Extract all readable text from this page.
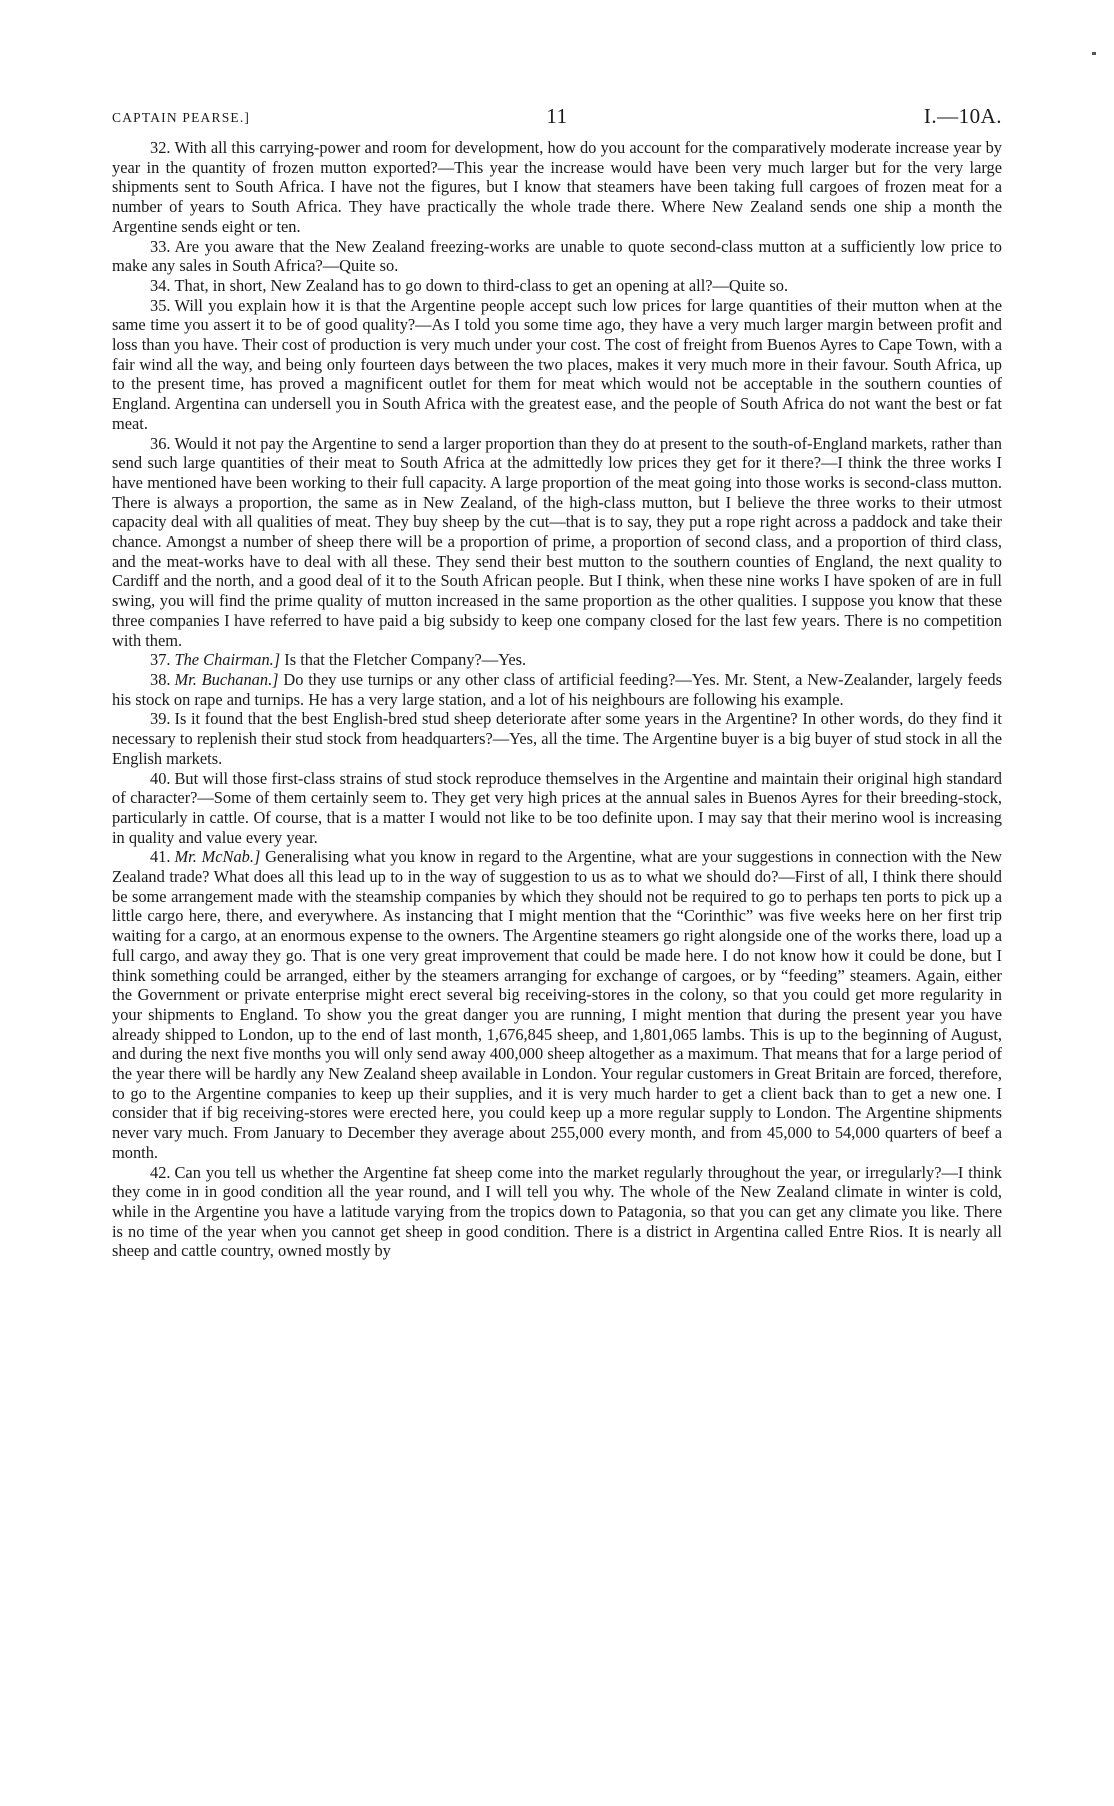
CAPTAIN PEARSE.]	11	I.—10A.

32. With all this carrying-power and room for development, how do you account for the comparatively moderate increase year by year in the quantity of frozen mutton exported?—This year the increase would have been very much larger but for the very large shipments sent to South Africa. I have not the figures, but I know that steamers have been taking full cargoes of frozen meat for a number of years to South Africa. They have practically the whole trade there. Where New Zealand sends one ship a month the Argentine sends eight or ten.

33. Are you aware that the New Zealand freezing-works are unable to quote second-class mutton at a sufficiently low price to make any sales in South Africa?—Quite so.

34. That, in short, New Zealand has to go down to third-class to get an opening at all?—Quite so.

35. Will you explain how it is that the Argentine people accept such low prices for large quantities of their mutton when at the same time you assert it to be of good quality?—As I told you some time ago, they have a very much larger margin between profit and loss than you have. Their cost of production is very much under your cost. The cost of freight from Buenos Ayres to Cape Town, with a fair wind all the way, and being only fourteen days between the two places, makes it very much more in their favour. South Africa, up to the present time, has proved a magnificent outlet for them for meat which would not be acceptable in the southern counties of England. Argentina can undersell you in South Africa with the greatest ease, and the people of South Africa do not want the best or fat meat.

36. Would it not pay the Argentine to send a larger proportion than they do at present to the south-of-England markets, rather than send such large quantities of their meat to South Africa at the admittedly low prices they get for it there?—I think the three works I have mentioned have been working to their full capacity. A large proportion of the meat going into those works is second-class mutton. There is always a proportion, the same as in New Zealand, of the high-class mutton, but I believe the three works to their utmost capacity deal with all qualities of meat. They buy sheep by the cut—that is to say, they put a rope right across a paddock and take their chance. Amongst a number of sheep there will be a proportion of prime, a proportion of second class, and a proportion of third class, and the meat-works have to deal with all these. They send their best mutton to the southern counties of England, the next quality to Cardiff and the north, and a good deal of it to the South African people. But I think, when these nine works I have spoken of are in full swing, you will find the prime quality of mutton increased in the same proportion as the other qualities. I suppose you know that these three companies I have referred to have paid a big subsidy to keep one company closed for the last few years. There is no competition with them.

37. The Chairman.] Is that the Fletcher Company?—Yes.

38. Mr. Buchanan.] Do they use turnips or any other class of artificial feeding?—Yes. Mr. Stent, a New-Zealander, largely feeds his stock on rape and turnips. He has a very large station, and a lot of his neighbours are following his example.

39. Is it found that the best English-bred stud sheep deteriorate after some years in the Argentine? In other words, do they find it necessary to replenish their stud stock from headquarters?—Yes, all the time. The Argentine buyer is a big buyer of stud stock in all the English markets.

40. But will those first-class strains of stud stock reproduce themselves in the Argentine and maintain their original high standard of character?—Some of them certainly seem to. They get very high prices at the annual sales in Buenos Ayres for their breeding-stock, particularly in cattle. Of course, that is a matter I would not like to be too definite upon. I may say that their merino wool is increasing in quality and value every year.

41. Mr. McNab.] Generalising what you know in regard to the Argentine, what are your suggestions in connection with the New Zealand trade? What does all this lead up to in the way of suggestion to us as to what we should do?—First of all, I think there should be some arrangement made with the steamship companies by which they should not be required to go to perhaps ten ports to pick up a little cargo here, there, and everywhere. As instancing that I might mention that the “Corinthic” was five weeks here on her first trip waiting for a cargo, at an enormous expense to the owners. The Argentine steamers go right alongside one of the works there, load up a full cargo, and away they go. That is one very great improvement that could be made here. I do not know how it could be done, but I think something could be arranged, either by the steamers arranging for exchange of cargoes, or by “feeding” steamers. Again, either the Government or private enterprise might erect several big receiving-stores in the colony, so that you could get more regularity in your shipments to England. To show you the great danger you are running, I might mention that during the present year you have already shipped to London, up to the end of last month, 1,676,845 sheep, and 1,801,065 lambs. This is up to the beginning of August, and during the next five months you will only send away 400,000 sheep altogether as a maximum. That means that for a large period of the year there will be hardly any New Zealand sheep available in London. Your regular customers in Great Britain are forced, therefore, to go to the Argentine companies to keep up their supplies, and it is very much harder to get a client back than to get a new one. I consider that if big receiving-stores were erected here, you could keep up a more regular supply to London. The Argentine shipments never vary much. From January to December they average about 255,000 every month, and from 45,000 to 54,000 quarters of beef a month.

42. Can you tell us whether the Argentine fat sheep come into the market regularly throughout the year, or irregularly?—I think they come in in good condition all the year round, and I will tell you why. The whole of the New Zealand climate in winter is cold, while in the Argentine you have a latitude varying from the tropics down to Patagonia, so that you can get any climate you like. There is no time of the year when you cannot get sheep in good condition. There is a district in Argentina called Entre Rios. It is nearly all sheep and cattle country, owned mostly by
